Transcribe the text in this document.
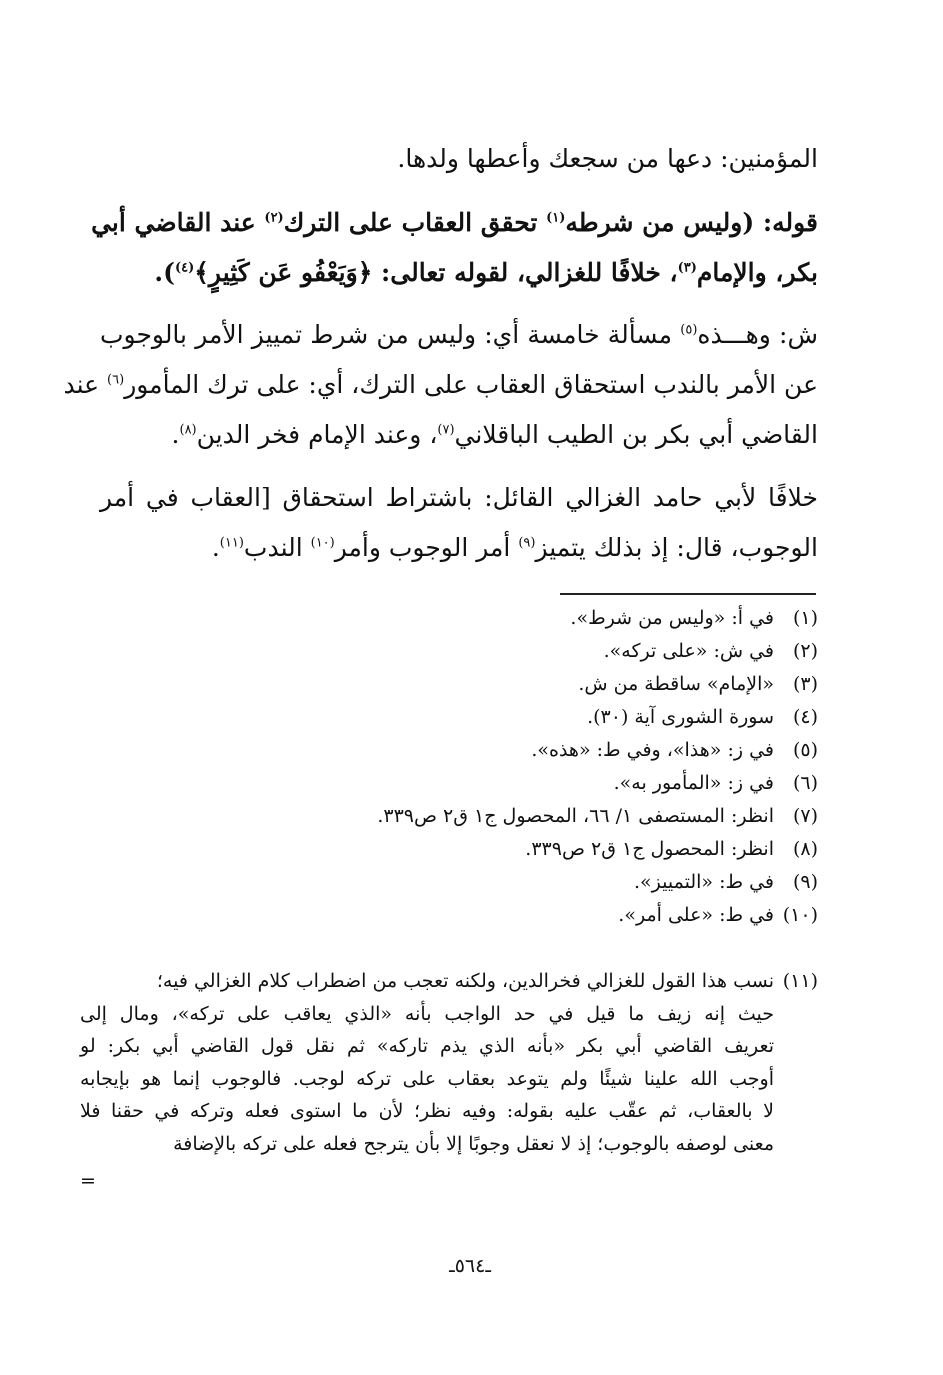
المؤمنين: دعها من سجعك وأعطها ولدها.
قوله: (وليس من شرطه$^{(١)}$ تحقق العقاب على الترك$^{(٢)}$ عند القاضي أبي
بكر، والإمام$^{(٣)}$، خلافًا للغزالي، لقوله تعالى: ﴿وَيَعْفُو عَن كَثِيرٍ﴾$^{(٤)}$).
ش: وهـــذه$^{(٥)}$ مسألة خامسة أي: وليس من شرط تمييز الأمر بالوجوب
عن الأمر بالندب استحقاق العقاب على الترك، أي: على ترك المأمور$^{(٦)}$ عند
القاضي أبي بكر بن الطيب الباقلاني$^{(٧)}$، وعند الإمام فخر الدين$^{(٨)}$.
خلافًا لأبي حامد الغزالي القائل: باشتراط استحقاق [العقاب في أمر
الوجوب، قال: إذ بذلك يتميز$^{(٩)}$ أمر الوجوب وأمر$^{(١٠)}$ الندب$^{(١١)}$.
(١)في أ: «وليس من شرط».
(٢)في ش: «على تركه».
(٣)«الإمام» ساقطة من ش.
(٤)سورة الشورى آية (٣٠).
(٥)في ز: «هذا»، وفي ط: «هذه».
(٦)في ز: «المأمور به».
(٧)انظر: المستصفى ١/ ٦٦، المحصول ج١ ق٢ ص٣٣٩.
(٨)انظر: المحصول ج١ ق٢ ص٣٣٩.
(٩)في ط: «التمييز».
(١٠)في ط: «على أمر».
(١١)نسب هذا القول للغزالي فخرالدين، ولكنه تعجب من اضطراب كلام الغزالي فيه؛
حيث إنه زيف ما قيل في حد الواجب بأنه «الذي يعاقب على تركه»، ومال إلى
تعريف القاضي أبي بكر «بأنه الذي يذم تاركه» ثم نقل قول القاضي أبي بكر: لو
أوجب الله علينا شيئًا ولم يتوعد بعقاب على تركه لوجب. فالوجوب إنما هو بإيجابه
لا بالعقاب، ثم عقّب عليه بقوله: وفيه نظر؛ لأن ما استوى فعله وتركه في حقنا فلا
معنى لوصفه بالوجوب؛ إذ لا نعقل وجوبًا إلا بأن يترجح فعله على تركه بالإضافة
=
ـ٥٦٤ـ
